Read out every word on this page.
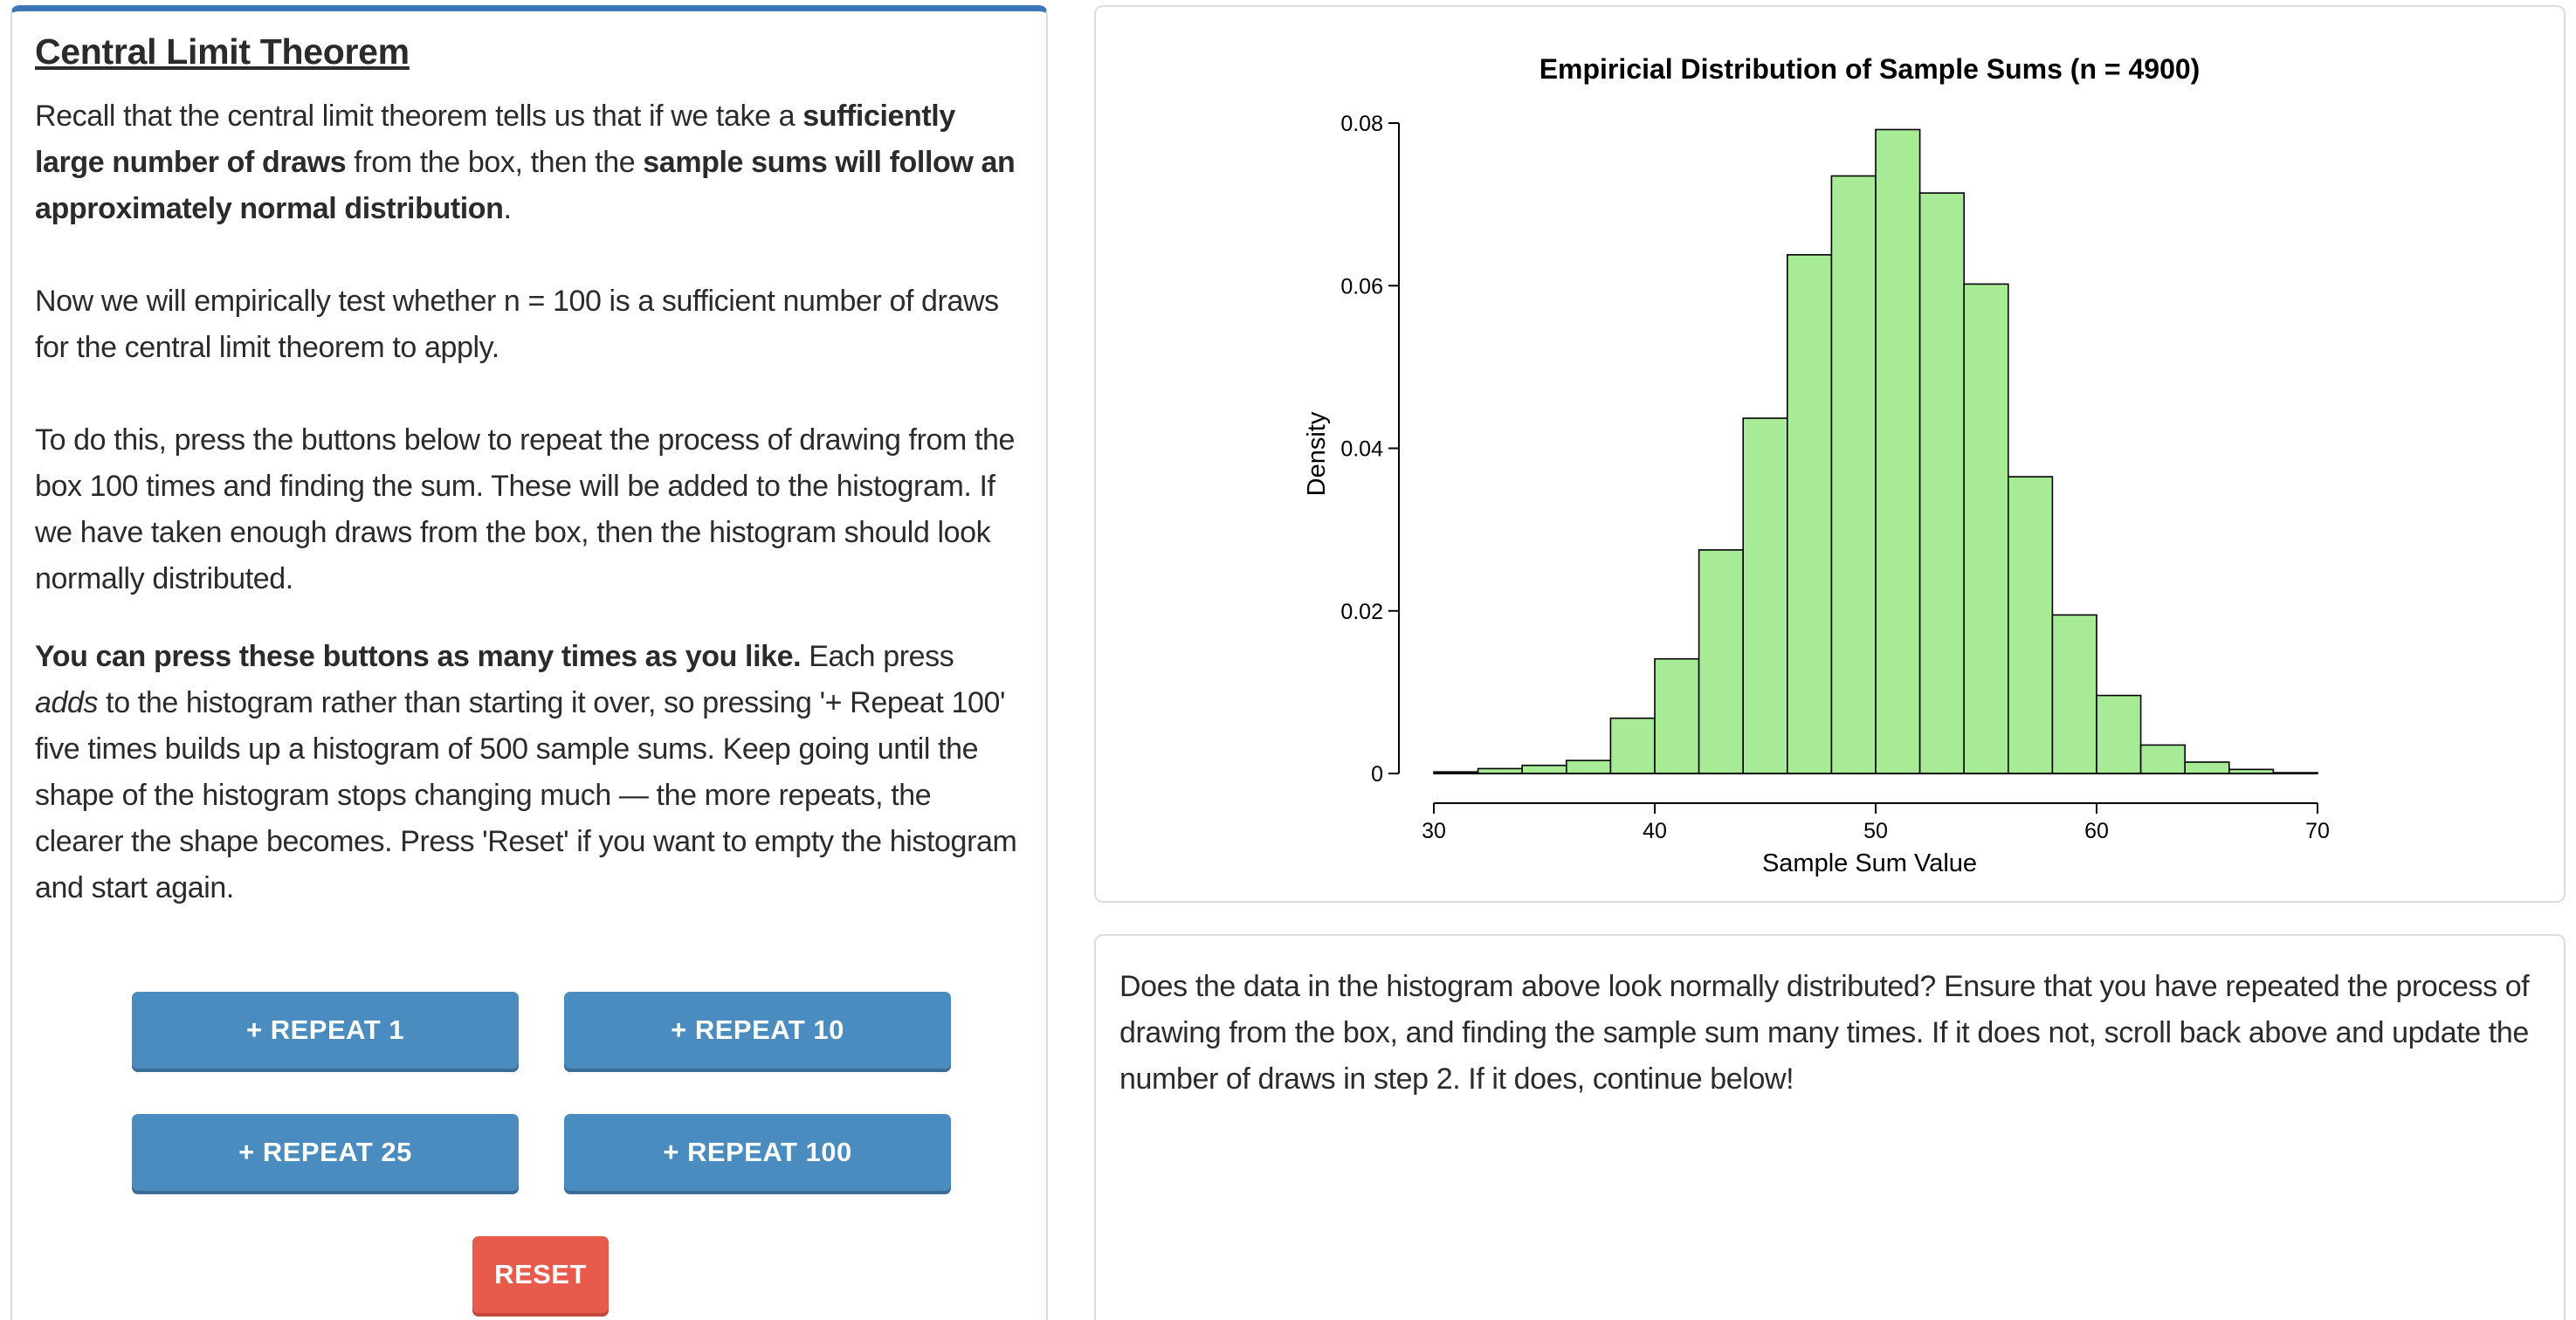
Central Limit Theorem

Recall that the central limit theorem tells us that if we take a sufficiently large number of draws from the box, then the sample sums will follow an approximately normal distribution.

Now we will empirically test whether n = 100 is a sufficient number of draws for the central limit theorem to apply.

To do this, press the buttons below to repeat the process of drawing from the box 100 times and finding the sum. These will be added to the histogram. If we have taken enough draws from the box, then the histogram should look normally distributed.

You can press these buttons as many times as you like. Each press adds to the histogram rather than starting it over, so pressing '+ Repeat 100' five times builds up a histogram of 500 sample sums. Keep going until the shape of the histogram stops changing much — the more repeats, the clearer the shape becomes. Press 'Reset' if you want to empty the histogram and start again.

+ REPEAT 1	+ REPEAT 10
+ REPEAT 25	+ REPEAT 100
RESET
Empiricial Distribution of Sample Sums (n = 4900)
0
0.02
0.04
0.06
0.08
30	40	50	60	70
Density
Sample Sum Value

Does the data in the histogram above look normally distributed? Ensure that you have repeated the process of drawing from the box, and finding the sample sum many times. If it does not, scroll back above and update the number of draws in step 2. If it does, continue below!
